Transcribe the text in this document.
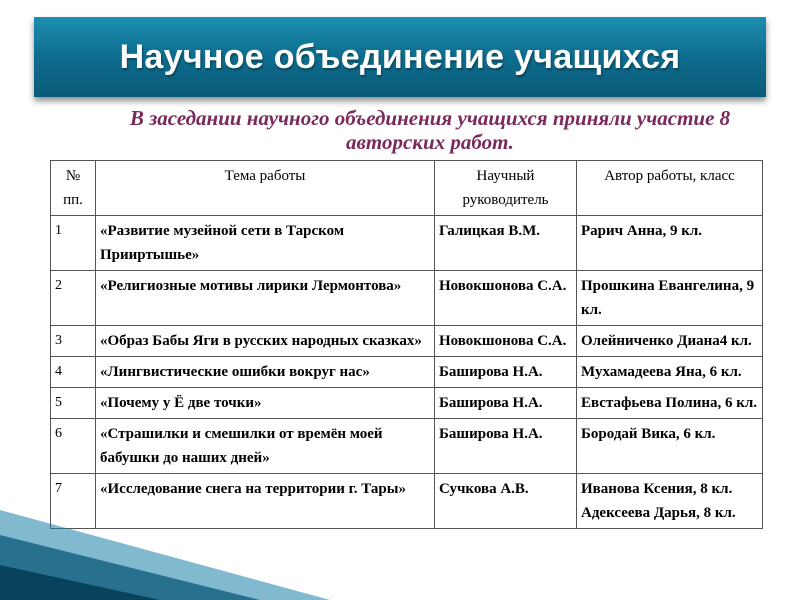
Научное объединение учащихся
В заседании научного объединения учащихся приняли участие 8 авторских работ.
№ пп.	Тема работы	Научный руководитель	Автор работы, класс
1	«Развитие музейной сети в Тарском Прииртышье»	Галицкая В.М.	Рарич Анна, 9 кл.
2	«Религиозные мотивы лирики Лермонтова»	Новокшонова С.А.	Прошкина Евангелина, 9 кл.
3	«Образ Бабы Яги в русских народных сказках»	Новокшонова С.А.	Олейниченко Диана4 кл.
4	«Лингвистические ошибки вокруг нас»	Баширова Н.А.	Мухамадеева Яна, 6 кл.
5	«Почему у Ё две точки»	Баширова Н.А.	Евстафьева Полина, 6 кл.
6	«Страшилки и смешилки от времён моей бабушки до наших дней»	Баширова Н.А.	Бородай Вика, 6 кл.
7	«Исследование снега на территории г. Тары»	Сучкова А.В.	Иванова Ксения, 8 кл. Адексеева Дарья, 8 кл.
